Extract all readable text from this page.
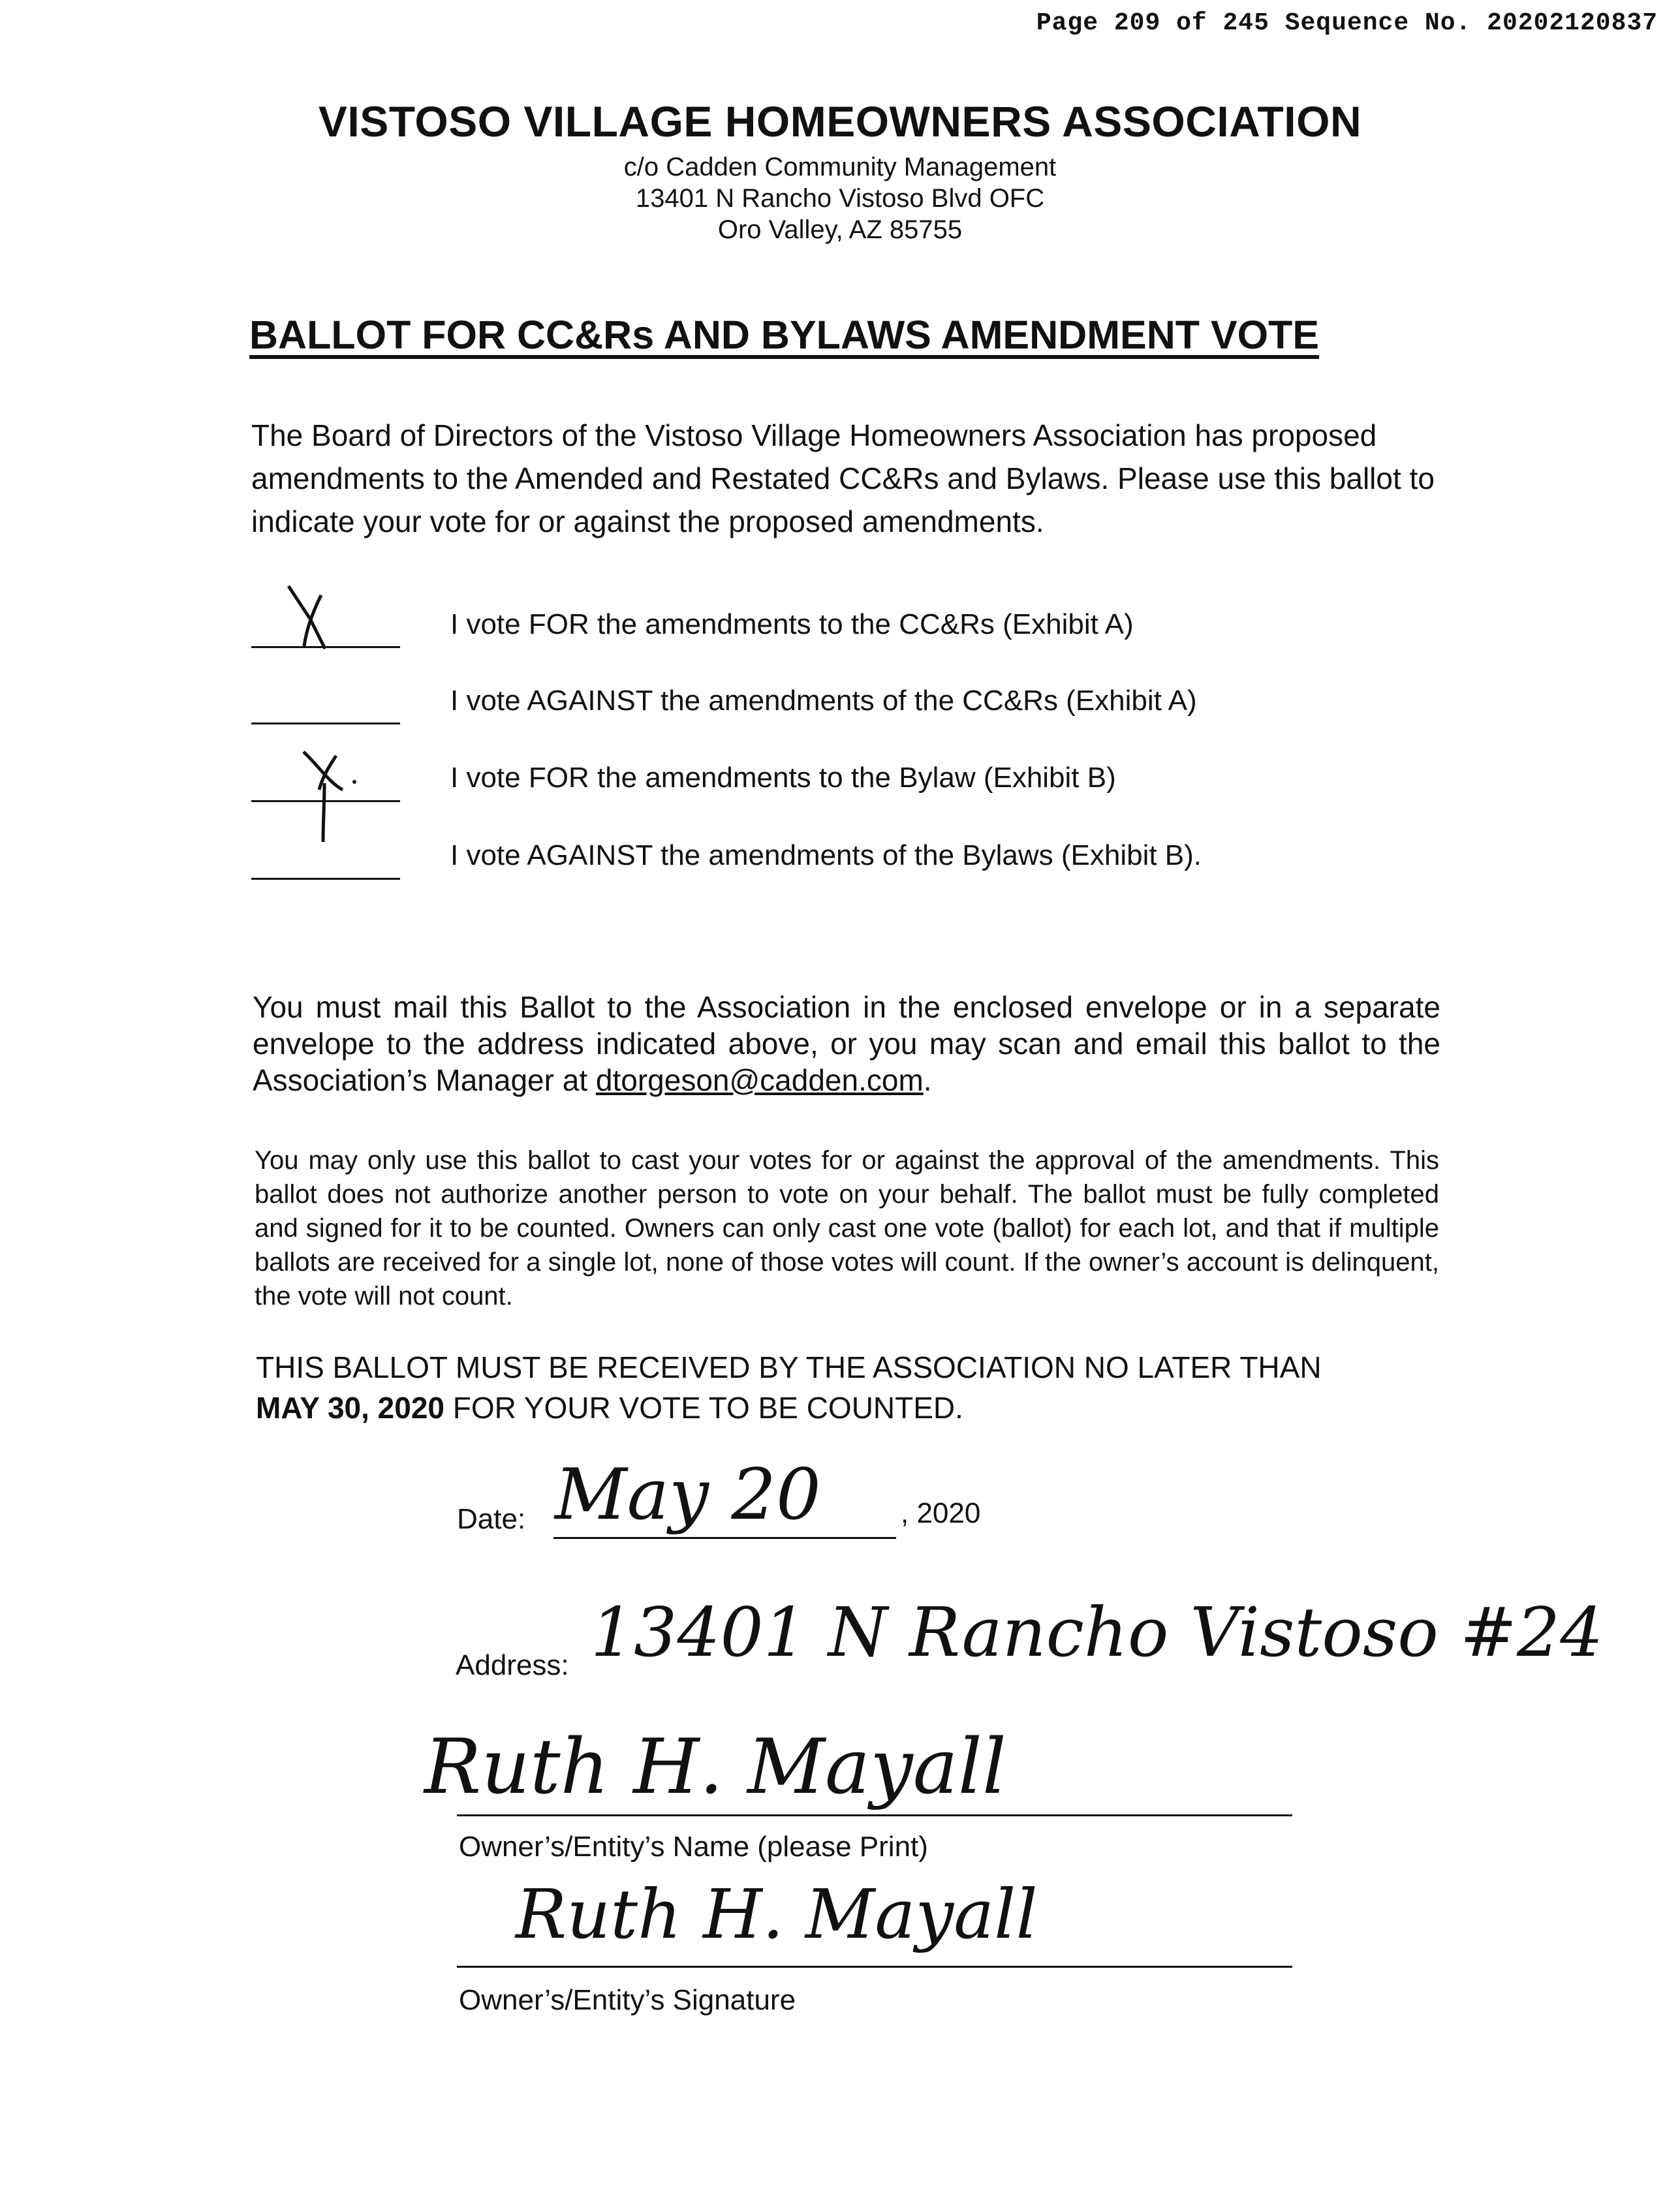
Page 209 of 245 Sequence No. 20202120837
VISTOSO VILLAGE HOMEOWNERS ASSOCIATION
c/o Cadden Community Management
13401 N Rancho Vistoso Blvd OFC
Oro Valley, AZ 85755
BALLOT FOR CC&Rs AND BYLAWS AMENDMENT VOTE
The Board of Directors of the Vistoso Village Homeowners Association has proposed amendments to the Amended and Restated CC&Rs and Bylaws. Please use this ballot to indicate your vote for or against the proposed amendments.
I vote FOR the amendments to the CC&Rs (Exhibit A)
I vote AGAINST the amendments of the CC&Rs (Exhibit A)
I vote FOR the amendments to the Bylaw (Exhibit B)
I vote AGAINST the amendments of the Bylaws (Exhibit B).
You must mail this Ballot to the Association in the enclosed envelope or in a separate envelope to the address indicated above, or you may scan and email this ballot to the Association’s Manager at dtorgeson@cadden.com.
You may only use this ballot to cast your votes for or against the approval of the amendments. This ballot does not authorize another person to vote on your behalf. The ballot must be fully completed and signed for it to be counted. Owners can only cast one vote (ballot) for each lot, and that if multiple ballots are received for a single lot, none of those votes will count. If the owner’s account is delinquent, the vote will not count.
THIS BALLOT MUST BE RECEIVED BY THE ASSOCIATION NO LATER THAN
MAY 30, 2020 FOR YOUR VOTE TO BE COUNTED.
Date: May 20	, 2020
Address: 13401 N Rancho Vistoso #24
Ruth H. Mayall
Owner’s/Entity’s Name (please Print)
Ruth H. Mayall
Owner’s/Entity’s Signature
